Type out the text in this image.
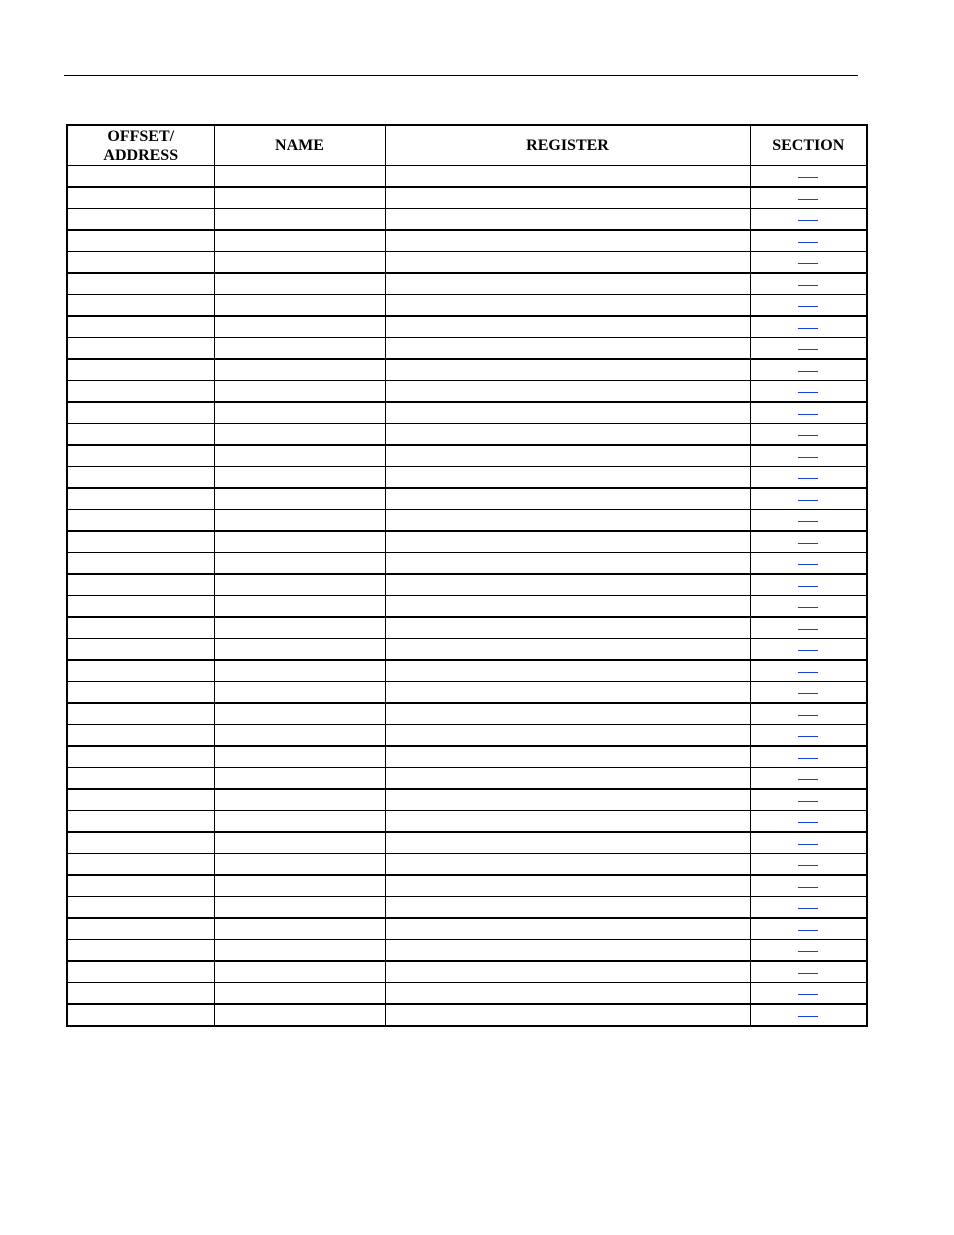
OFFSET/
ADDRESS	NAME	REGISTER	SECTION
